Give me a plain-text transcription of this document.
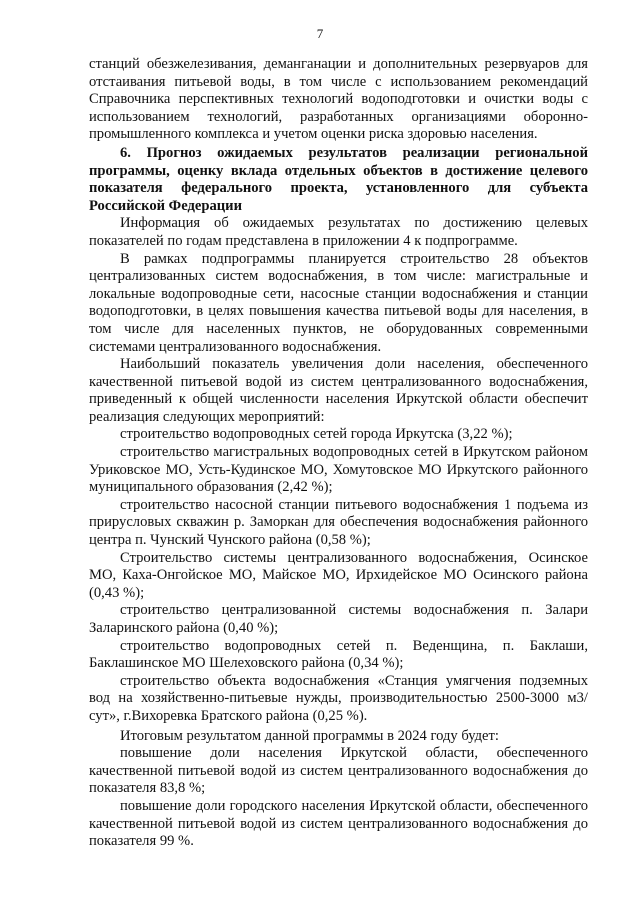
7

станций обезжелезивания, деманганации и дополнительных резервуаров для отстаивания питьевой воды, в том числе с использованием рекомендаций Справочника перспективных технологий водоподготовки и очистки воды с использованием технологий, разработанных организациями оборонно-промышленного комплекса и учетом оценки риска здоровью населения.

6. Прогноз ожидаемых результатов реализации региональной программы, оценку вклада отдельных объектов в достижение целевого показателя федерального проекта, установленного для субъекта Российской Федерации

Информация об ожидаемых результатах по достижению целевых показателей по годам представлена в приложении 4 к подпрограмме.

В рамках подпрограммы планируется строительство 28 объектов централизованных систем водоснабжения, в том числе: магистральные и локальные водопроводные сети, насосные станции водоснабжения и станции водоподготовки, в целях повышения качества питьевой воды для населения, в том числе для населенных пунктов, не оборудованных современными системами централизованного водоснабжения.

Наибольший показатель увеличения доли населения, обеспеченного качественной питьевой водой из систем централизованного водоснабжения, приведенный к общей численности населения Иркутской области обеспечит реализация следующих мероприятий:

строительство водопроводных сетей города Иркутска (3,22 %);

строительство магистральных водопроводных сетей в Иркутском районом Уриковское МО, Усть-Кудинское МО, Хомутовское МО Иркутского районного муниципального образования (2,42 %);

строительство насосной станции питьевого водоснабжения 1 подъема из прирусловых скважин р. Заморкан для обеспечения водоснабжения районного центра п. Чунский Чунского района (0,58 %);

Строительство системы централизованного водоснабжения, Осинское МО, Каха-Онгойское МО, Майское МО, Ирхидейское МО Осинского района (0,43 %);

строительство централизованной системы водоснабжения п. Залари Заларинского района (0,40 %);

строительство водопроводных сетей п. Веденщина, п. Баклаши, Баклашинское МО Шелеховского района (0,34 %);

строительство объекта водоснабжения «Станция умягчения подземных вод на хозяйственно-питьевые нужды, производительностью 2500-3000 м3/сут», г.Вихоревка Братского района (0,25 %).

Итоговым результатом данной программы в 2024 году будет:

повышение доли населения Иркутской области, обеспеченного качественной питьевой водой из систем централизованного водоснабжения до показателя 83,8 %;

повышение доли городского населения Иркутской области, обеспеченного качественной питьевой водой из систем централизованного водоснабжения до показателя 99 %.
